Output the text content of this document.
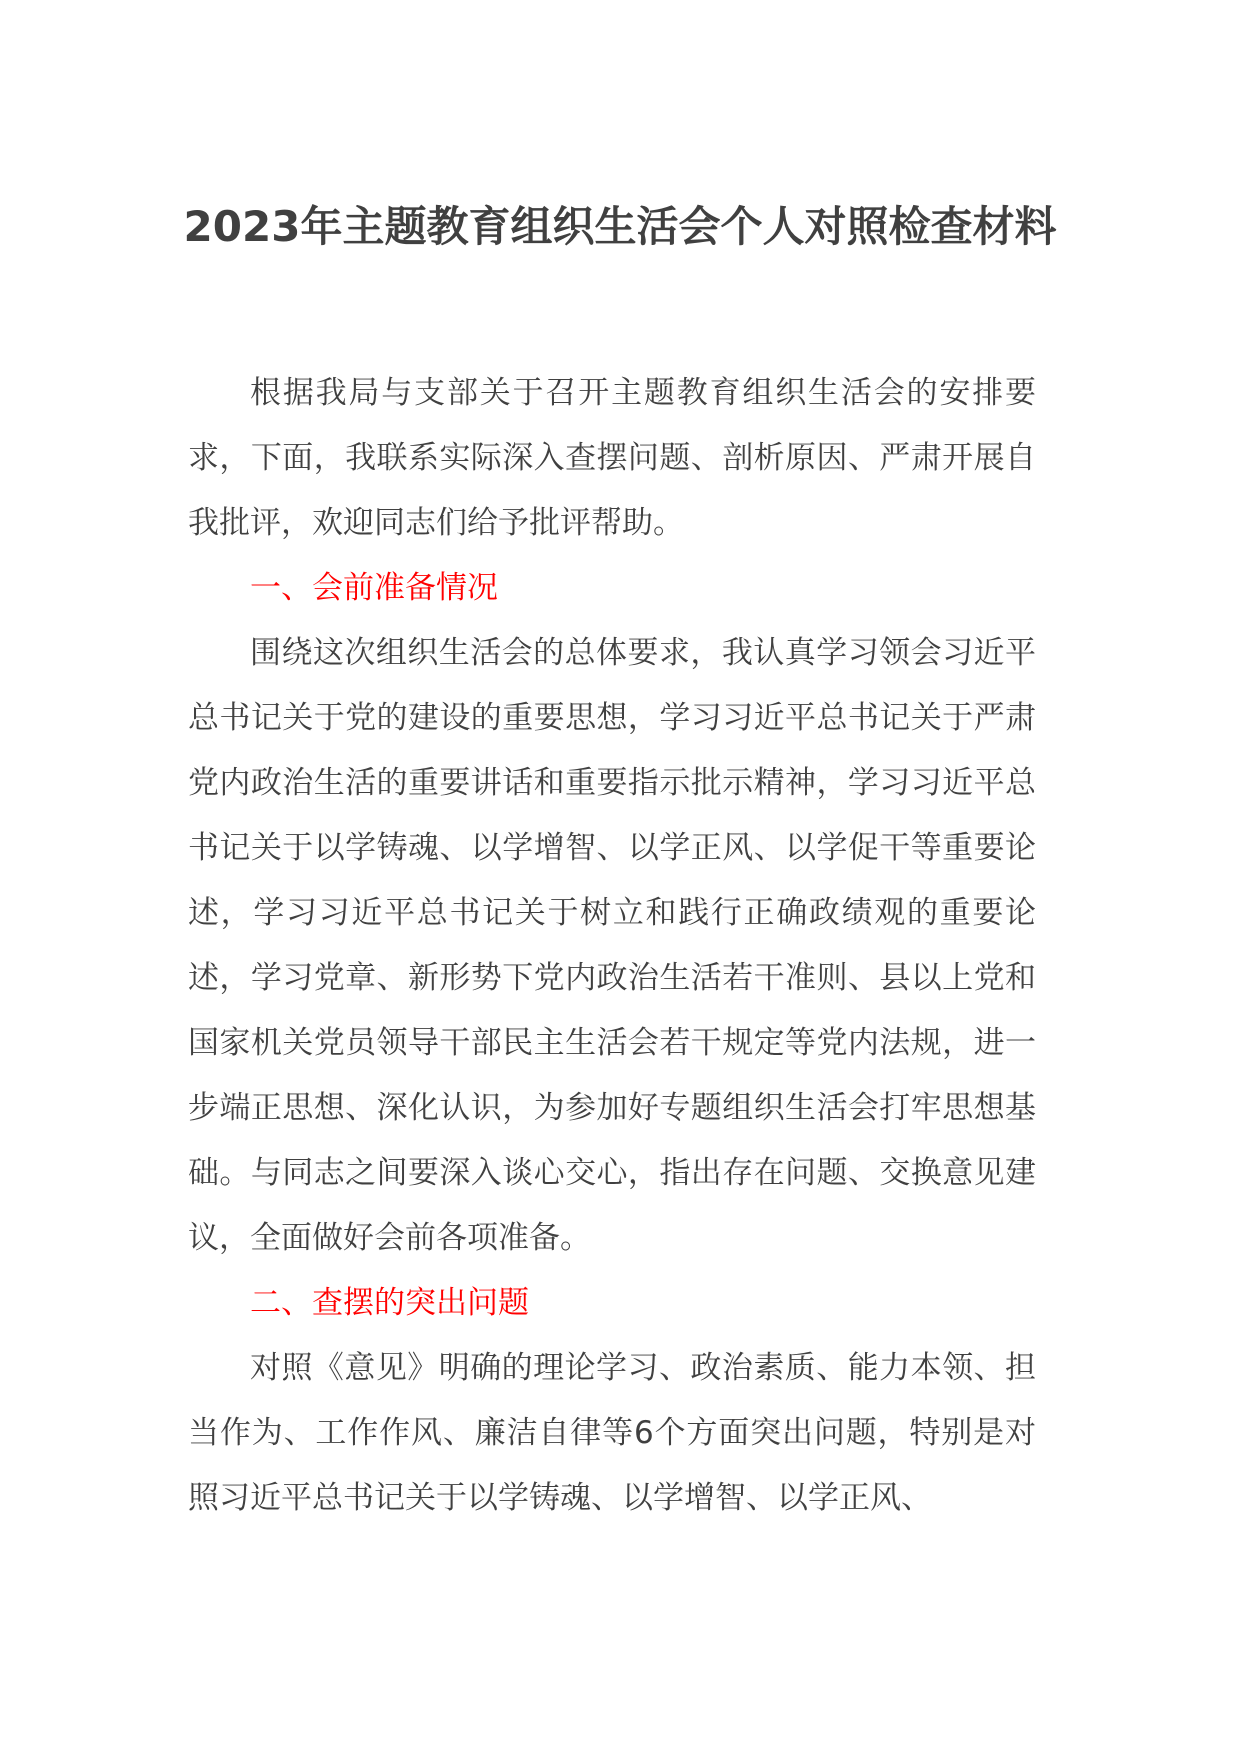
2023年主题教育组织生活会个人对照检查材料

根据我局与支部关于召开主题教育组织生活会的安排要求，下面，我联系实际深入查摆问题、剖析原因、严肃开展自我批评，欢迎同志们给予批评帮助。

一、会前准备情况

围绕这次组织生活会的总体要求，我认真学习领会习近平总书记关于党的建设的重要思想，学习习近平总书记关于严肃党内政治生活的重要讲话和重要指示批示精神，学习习近平总书记关于以学铸魂、以学增智、以学正风、以学促干等重要论述，学习习近平总书记关于树立和践行正确政绩观的重要论述，学习党章、新形势下党内政治生活若干准则、县以上党和国家机关党员领导干部民主生活会若干规定等党内法规，进一步端正思想、深化认识，为参加好专题组织生活会打牢思想基础。与同志之间要深入谈心交心，指出存在问题、交换意见建议，全面做好会前各项准备。

二、查摆的突出问题

对照《意见》明确的理论学习、政治素质、能力本领、担当作为、工作作风、廉洁自律等6个方面突出问题，特别是对照习近平总书记关于以学铸魂、以学增智、以学正风、
